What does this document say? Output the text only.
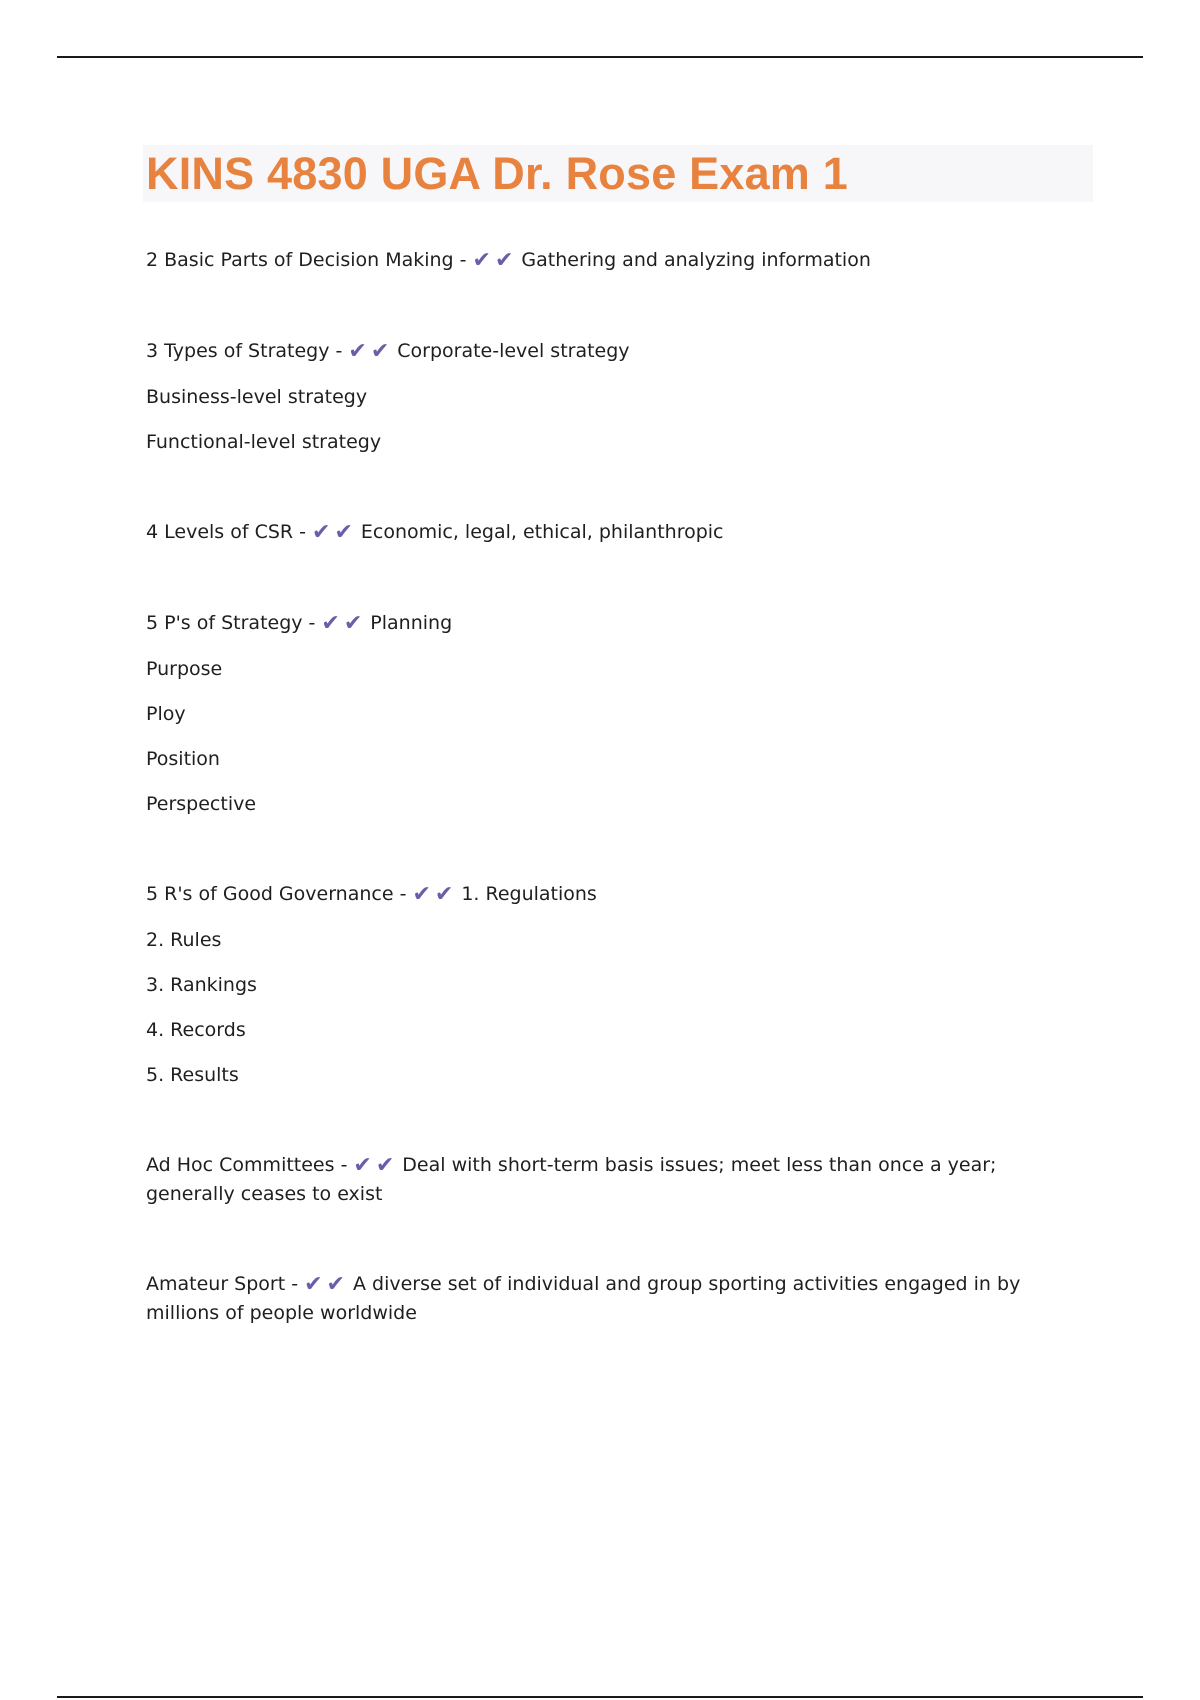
KINS 4830 UGA Dr. Rose Exam 1

2 Basic Parts of Decision Making - ✔✔ Gathering and analyzing information

3 Types of Strategy - ✔✔ Corporate-level strategy

Business-level strategy

Functional-level strategy

4 Levels of CSR - ✔✔ Economic, legal, ethical, philanthropic

5 P's of Strategy - ✔✔ Planning

Purpose

Ploy

Position

Perspective

5 R's of Good Governance - ✔✔ 1. Regulations

2. Rules

3. Rankings

4. Records

5. Results

Ad Hoc Committees - ✔✔ Deal with short-term basis issues; meet less than once a year; generally ceases to exist

Amateur Sport - ✔✔ A diverse set of individual and group sporting activities engaged in by millions of people worldwide
